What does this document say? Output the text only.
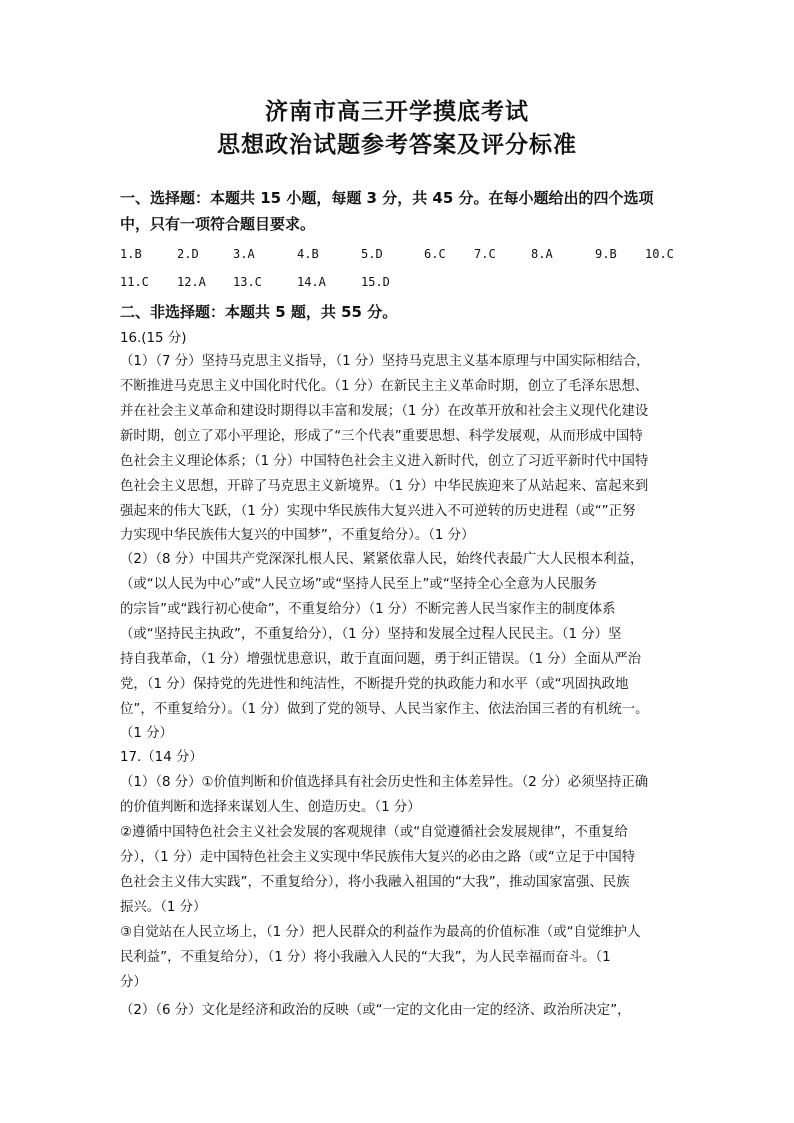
济南市高三开学摸底考试
思想政治试题参考答案及评分标准
一、选择题：本题共 15 小题，每题 3 分，共 45 分。在每小题给出的四个选项
中，只有一项符合题目要求。
1.B	2.D	3.A	4.B	5.D	6.C 7.C	8.A	9.B 10.C
11.C 12.A 13.C	14.A	15.D
二、非选择题：本题共 5 题，共 55 分。
16.(15 分)
（1）（7 分）坚持马克思主义指导，（1 分）坚持马克思主义基本原理与中国实际相结合，
不断推进马克思主义中国化时代化。（1 分）在新民主主义革命时期，创立了毛泽东思想、
并在社会主义革命和建设时期得以丰富和发展；（1 分）在改革开放和社会主义现代化建设
新时期，创立了邓小平理论，形成了“三个代表”重要思想、科学发展观，从而形成中国特
色社会主义理论体系；（1 分）中国特色社会主义进入新时代，创立了习近平新时代中国特
色社会主义思想，开辟了马克思主义新境界。（1 分）中华民族迎来了从站起来、富起来到
强起来的伟大飞跃，（1 分）实现中华民族伟大复兴进入不可逆转的历史进程（或“”正努
力实现中华民族伟大复兴的中国梦”，不重复给分）。（1 分）
（2）（8 分）中国共产党深深扎根人民、紧紧依靠人民，始终代表最广大人民根本利益，
（或“以人民为中心”或“人民立场”或“坚持人民至上”或“坚持全心全意为人民服务
的宗旨”或“践行初心使命”，不重复给分）（1 分）不断完善人民当家作主的制度体系
（或“坚持民主执政”，不重复给分），（1 分）坚持和发展全过程人民民主。（1 分）坚
持自我革命，（1 分）增强忧患意识，敢于直面问题，勇于纠正错误。（1 分）全面从严治
党，（1 分）保持党的先进性和纯洁性，不断提升党的执政能力和水平（或“巩固执政地
位”，不重复给分）。（1 分）做到了党的领导、人民当家作主、依法治国三者的有机统一。
（1 分）
17.（14 分）
（1）（8 分）①价值判断和价值选择具有社会历史性和主体差异性。（2 分）必须坚持正确
的价值判断和选择来谋划人生、创造历史。（1 分）
②遵循中国特色社会主义社会发展的客观规律（或“自觉遵循社会发展规律”，不重复给
分），（1 分）走中国特色社会主义实现中华民族伟大复兴的必由之路（或“立足于中国特
色社会主义伟大实践”，不重复给分），将小我融入祖国的“大我”，推动国家富强、民族
振兴。（1 分）
③自觉站在人民立场上，（1 分）把人民群众的利益作为最高的价值标准（或“自觉维护人
民利益”，不重复给分），（1 分）将小我融入人民的“大我”，为人民幸福而奋斗。（1
分）
（2）（6 分）文化是经济和政治的反映（或“一定的文化由一定的经济、政治所决定”，
